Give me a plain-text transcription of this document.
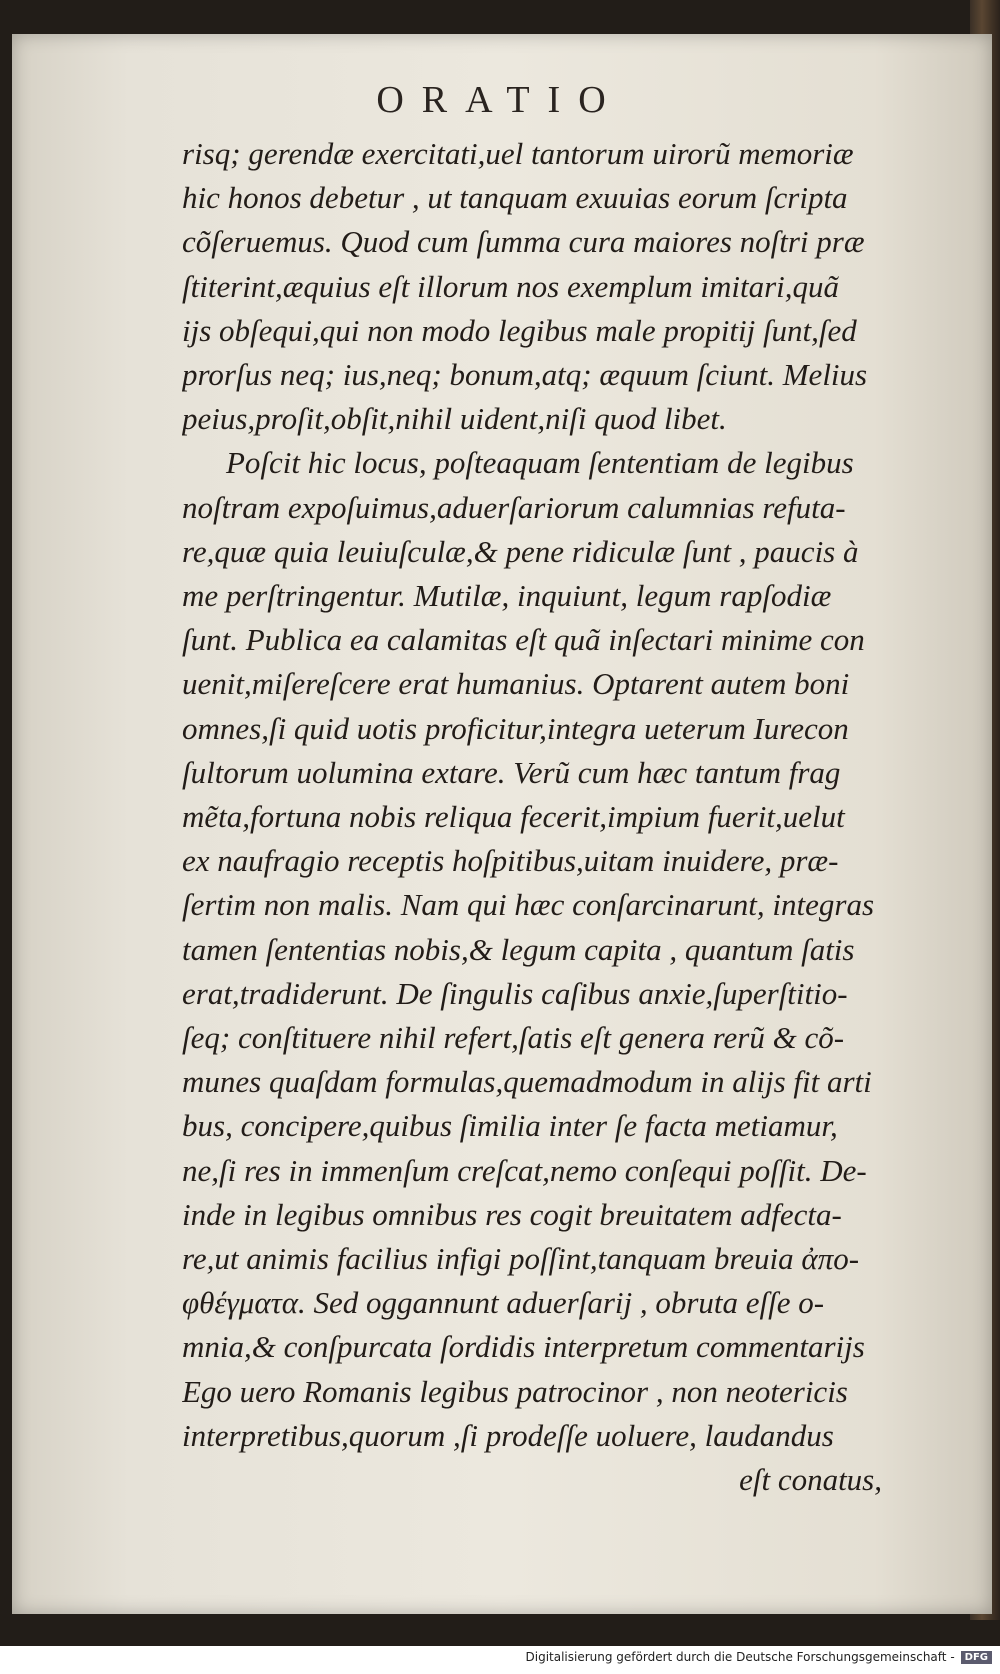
ORATIO
risq; gerendæ exercitati,uel tantorum uirorũ memoriæ
hic honos debetur , ut tanquam exuuias eorum ſcripta
cõſeruemus. Quod cum ſumma cura maiores noſtri præ
ſtiterint,æquius eſt illorum nos exemplum imitari,quã
ijs obſequi,qui non modo legibus male propitij ſunt,ſed
prorſus neq; ius,neq; bonum,atq; æquum ſciunt. Melius
peius,proſit,obſit,nihil uident,niſi quod libet.
Poſcit hic locus, poſteaquam ſententiam de legibus
noſtram expoſuimus,aduerſariorum calumnias refuta-
re,quæ quia leuiuſculæ,& pene ridiculæ ſunt , paucis à
me perſtringentur. Mutilæ, inquiunt, legum rapſodiæ
ſunt. Publica ea calamitas eſt quã inſectari minime con
uenit,miſereſcere erat humanius. Optarent autem boni
omnes,ſi quid uotis proficitur,integra ueterum Iurecon
ſultorum uolumina extare. Verũ cum hæc tantum frag
mẽta,fortuna nobis reliqua fecerit,impium fuerit,uelut
ex naufragio receptis hoſpitibus,uitam inuidere, præ-
ſertim non malis. Nam qui hæc conſarcinarunt, integras
tamen ſententias nobis,& legum capita , quantum ſatis
erat,tradiderunt. De ſingulis caſibus anxie,ſuperſtitio-
ſeq; conſtituere nihil refert,ſatis eſt genera rerũ & cõ-
munes quaſdam formulas,quemadmodum in alijs fit arti
bus, concipere,quibus ſimilia inter ſe facta metiamur,
ne,ſi res in immenſum creſcat,nemo conſequi poſſit. De-
inde in legibus omnibus res cogit breuitatem adfecta-
re,ut animis facilius infigi poſſint,tanquam breuia ἀπο-
φθέγματα. Sed oggannunt aduerſarij , obruta eſſe o-
mnia,& conſpurcata ſordidis interpretum commentarijs
Ego uero Romanis legibus patrocinor , non neotericis
interpretibus,quorum ,ſi prodeſſe uoluere, laudandus
eſt conatus,
Digitalisierung gefördert durch die Deutsche Forschungsgemeinschaft -	DFG
